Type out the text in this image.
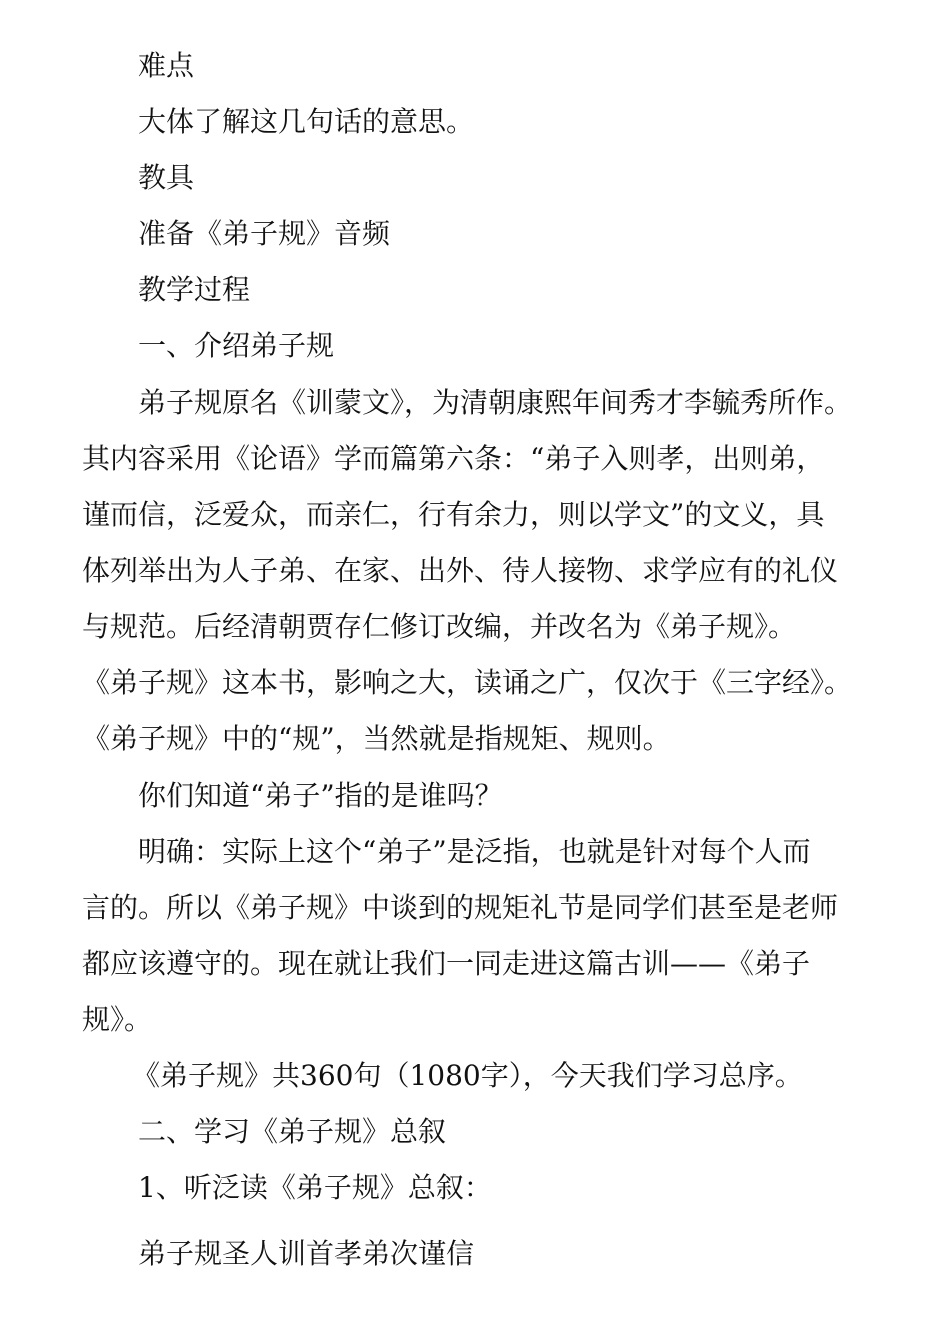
难点
大体了解这几句话的意思。
教具
准备《弟子规》音频
教学过程
一、介绍弟子规
弟子规原名《训蒙文》，为清朝康熙年间秀才李毓秀所作。
其内容采用《论语》学而篇第六条：“弟子入则孝，出则弟，
谨而信，泛爱众，而亲仁，行有余力，则以学文”的文义，具
体列举出为人子弟、在家、出外、待人接物、求学应有的礼仪
与规范。后经清朝贾存仁修订改编，并改名为《弟子规》。
《弟子规》这本书，影响之大，读诵之广，仅次于《三字经》。
《弟子规》中的“规”，当然就是指规矩、规则。
你们知道“弟子”指的是谁吗？
明确：实际上这个“弟子”是泛指，也就是针对每个人而
言的。所以《弟子规》中谈到的规矩礼节是同学们甚至是老师
都应该遵守的。现在就让我们一同走进这篇古训——《弟子
规》。
《弟子规》共360句（1080字），今天我们学习总序。
二、学习《弟子规》总叙
1、听泛读《弟子规》总叙：
弟子规圣人训首孝弟次谨信
